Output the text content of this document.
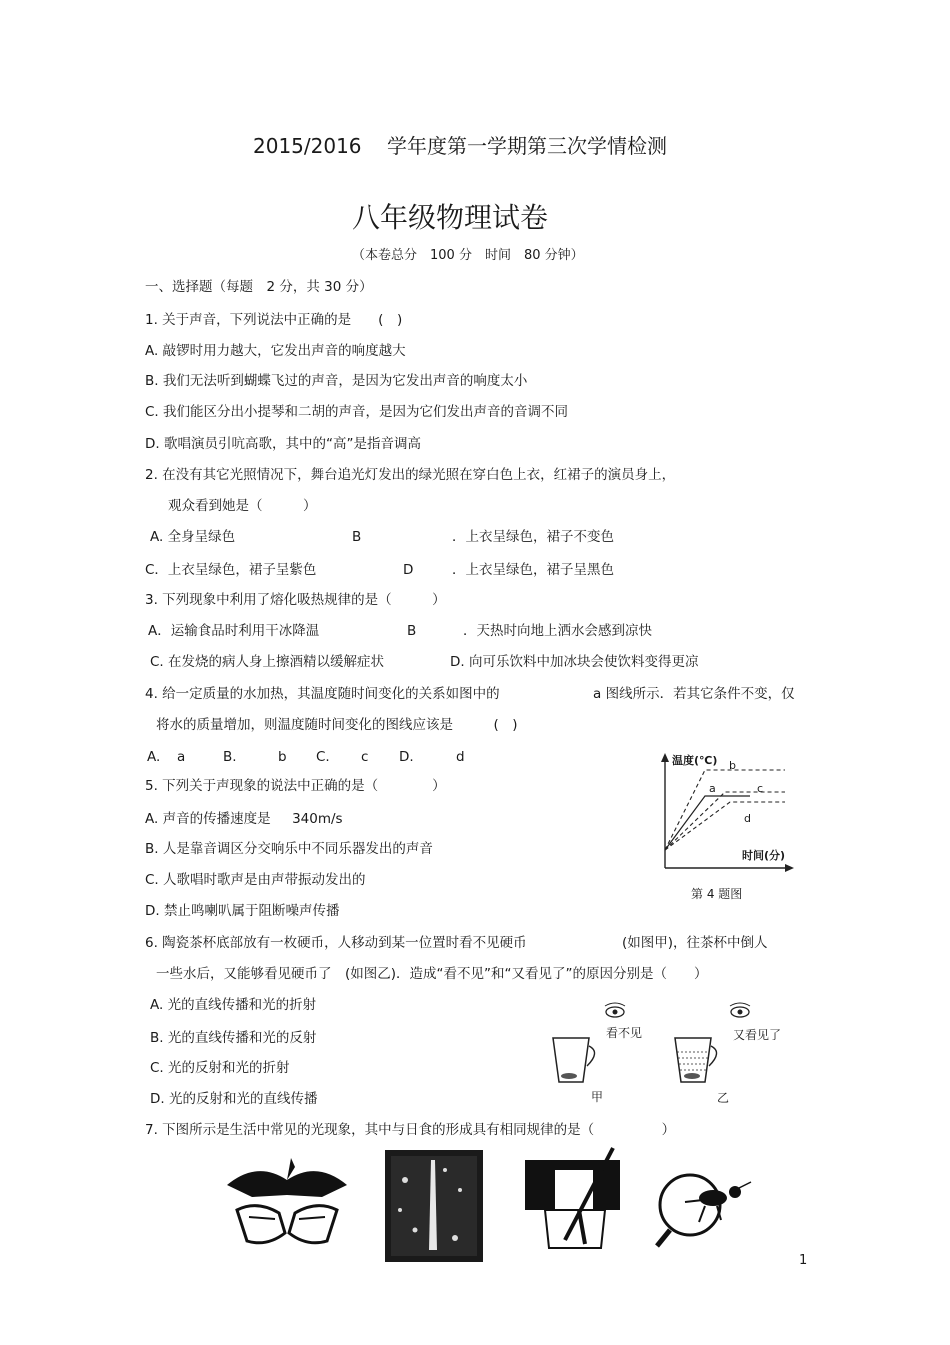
2015/2016 学年度第一学期第三次学情检测
八年级物理试卷
（本卷总分　100 分　时间　80 分钟）
一、选择题（每题　2 分，共 30 分）
1. 关于声音，下列说法中正确的是　　(　)
A. 敲锣时用力越大，它发出声音的响度越大
B. 我们无法听到蝴蝶飞过的声音，是因为它发出声音的响度太小
C. 我们能区分出小提琴和二胡的声音，是因为它们发出声音的音调不同
D. 歌唱演员引吭高歌，其中的“高”是指音调高
2. 在没有其它光照情况下，舞台追光灯发出的绿光照在穿白色上衣，红裙子的演员身上，
观众看到她是（　　　）
A. 全身呈绿色	B	．上衣呈绿色，裙子不变色
C．上衣呈绿色，裙子呈紫色	D	．上衣呈绿色，裙子呈黑色
3. 下列现象中利用了熔化吸热规律的是（　　　）
A．运输食品时利用干冰降温	B	．天热时向地上洒水会感到凉快
C. 在发烧的病人身上擦酒精以缓解症状	D. 向可乐饮料中加冰块会使饮料变得更凉
4. 给一定质量的水加热，其温度随时间变化的关系如图中的	a 图线所示．若其它条件不变，仅
将水的质量增加，则温度随时间变化的图线应该是　　　(　)
A. a	B.	b C. c D.	d	温度(℃) b
a	c
d
时间(分)
第 4 题图
5. 下列关于声现象的说法中正确的是（　　　　）
A. 声音的传播速度是 340m/s
B. 人是靠音调区分交响乐中不同乐器发出的声音
C. 人歌唱时歌声是由声带振动发出的
D. 禁止鸣喇叭属于阻断噪声传播
6. 陶瓷茶杯底部放有一枚硬币，人移动到某一位置时看不见硬币	(如图甲)，往茶杯中倒人
一些水后，又能够看见硬币了　(如图乙)．造成“看不见”和“又看见了”的原因分别是（　　）
A. 光的直线传播和光的折射
B. 光的直线传播和光的反射
C. 光的反射和光的折射
D. 光的反射和光的直线传播
看不见	又看见了
甲	乙
7. 下图所示是生活中常见的光现象，其中与日食的形成具有相同规律的是（　　　　　）
1
